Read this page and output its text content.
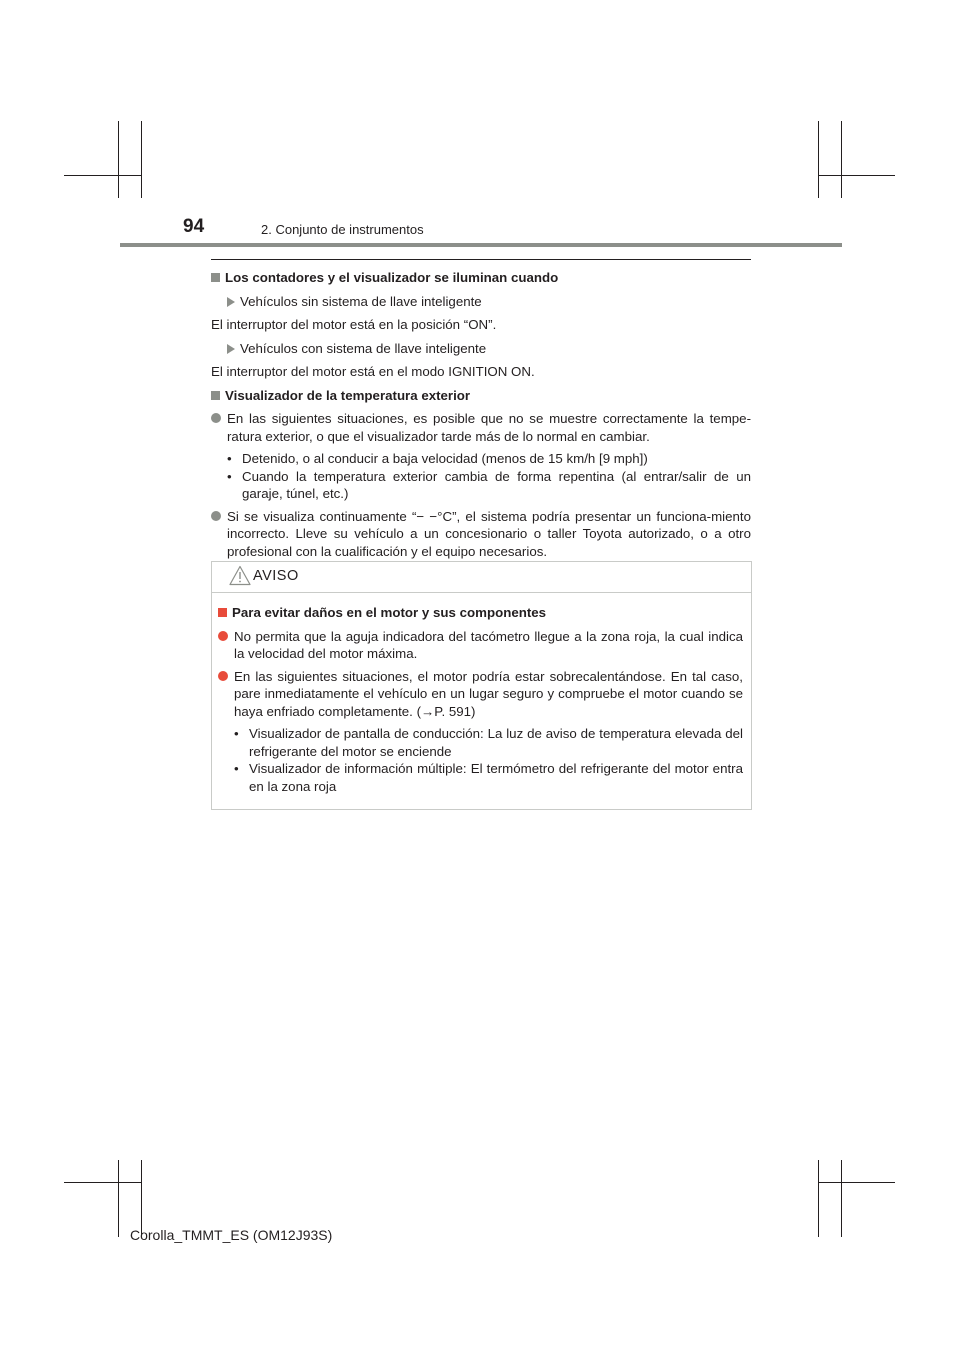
94	2. Conjunto de instrumentos
Los contadores y el visualizador se iluminan cuando
Vehículos sin sistema de llave inteligente
El interruptor del motor está en la posición “ON”.
Vehículos con sistema de llave inteligente
El interruptor del motor está en el modo IGNITION ON.
Visualizador de la temperatura exterior
En las siguientes situaciones, es posible que no se muestre correctamente la tempe-ratura exterior, o que el visualizador tarde más de lo normal en cambiar.
• Detenido, o al conducir a baja velocidad (menos de 15 km/h [9 mph])
• Cuando la temperatura exterior cambia de forma repentina (al entrar/salir de un garaje, túnel, etc.)
Si se visualiza continuamente “− −°C”, el sistema podría presentar un funciona-miento incorrecto. Lleve su vehículo a un concesionario o taller Toyota autorizado, o a otro profesional con la cualificación y el equipo necesarios.
AVISO
Para evitar daños en el motor y sus componentes
No permita que la aguja indicadora del tacómetro llegue a la zona roja, la cual indica la velocidad del motor máxima.
En las siguientes situaciones, el motor podría estar sobrecalentándose. En tal caso, pare inmediatamente el vehículo en un lugar seguro y compruebe el motor cuando se haya enfriado completamente. (→P. 591)
• Visualizador de pantalla de conducción: La luz de aviso de temperatura elevada del refrigerante del motor se enciende
• Visualizador de información múltiple: El termómetro del refrigerante del motor entra en la zona roja
Corolla_TMMT_ES (OM12J93S)
